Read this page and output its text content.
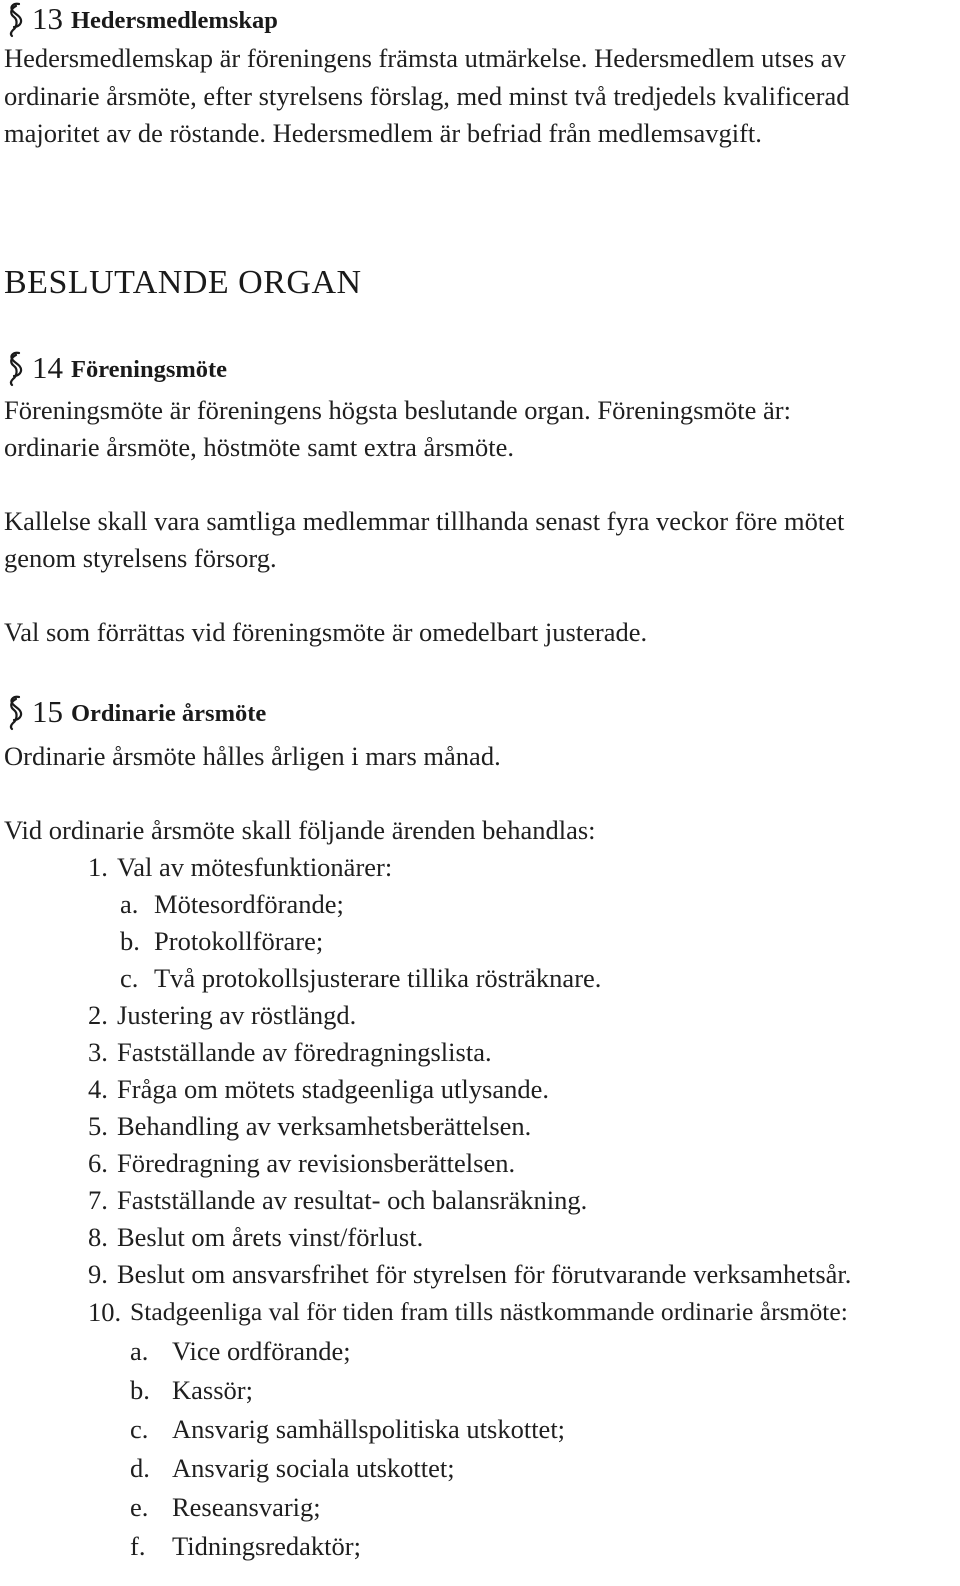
13 Hedersmedlemskap
Hedersmedlemskap är föreningens främsta utmärkelse. Hedersmedlem utses av
ordinarie årsmöte, efter styrelsens förslag, med minst två tredjedels kvalificerad
majoritet av de röstande. Hedersmedlem är befriad från medlemsavgift.
BESLUTANDE ORGAN
14 Föreningsmöte
Föreningsmöte är föreningens högsta beslutande organ. Föreningsmöte är:
ordinarie årsmöte, höstmöte samt extra årsmöte.
Kallelse skall vara samtliga medlemmar tillhanda senast fyra veckor före mötet
genom styrelsens försorg.
Val som förrättas vid föreningsmöte är omedelbart justerade.
15 Ordinarie årsmöte
Ordinarie årsmöte hålles årligen i mars månad.
Vid ordinarie årsmöte skall följande ärenden behandlas:
1. Val av mötesfunktionärer:
a. Mötesordförande;
b. Protokollförare;
c. Två protokollsjusterare tillika rösträknare.
2. Justering av röstlängd.
3. Fastställande av föredragningslista.
4. Fråga om mötets stadgeenliga utlysande.
5. Behandling av verksamhetsberättelsen.
6. Föredragning av revisionsberättelsen.
7. Fastställande av resultat- och balansräkning.
8. Beslut om årets vinst/förlust.
9. Beslut om ansvarsfrihet för styrelsen för förutvarande verksamhetsår.
10. Stadgeenliga val för tiden fram tills nästkommande ordinarie årsmöte:
a. Vice ordförande;
b. Kassör;
c. Ansvarig samhällspolitiska utskottet;
d. Ansvarig sociala utskottet;
e. Reseansvarig;
f. Tidningsredaktör;
